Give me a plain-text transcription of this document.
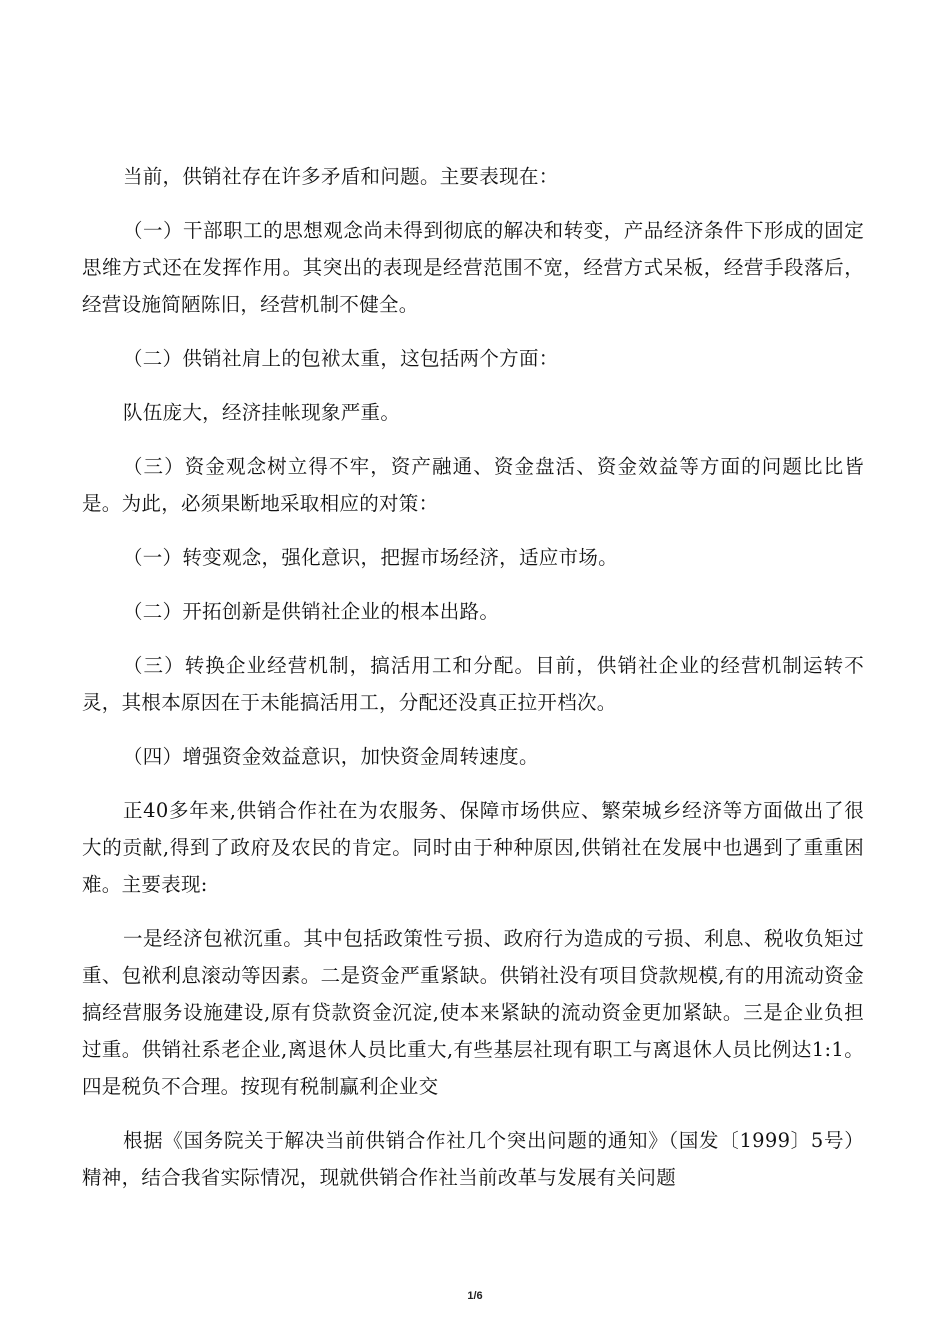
当前，供销社存在许多矛盾和问题。主要表现在：

（一）干部职工的思想观念尚未得到彻底的解决和转变，产品经济条件下形成的固定思维方式还在发挥作用。其突出的表现是经营范围不宽，经营方式呆板，经营手段落后，经营设施简陋陈旧，经营机制不健全。

（二）供销社肩上的包袱太重，这包括两个方面：

队伍庞大，经济挂帐现象严重。

（三）资金观念树立得不牢，资产融通、资金盘活、资金效益等方面的问题比比皆是。为此，必须果断地采取相应的对策：

（一）转变观念，强化意识，把握市场经济，适应市场。

（二）开拓创新是供销社企业的根本出路。

（三）转换企业经营机制，搞活用工和分配。目前，供销社企业的经营机制运转不灵，其根本原因在于未能搞活用工，分配还没真正拉开档次。

（四）增强资金效益意识，加快资金周转速度。

正40多年来,供销合作社在为农服务、保障市场供应、繁荣城乡经济等方面做出了很大的贡献,得到了政府及农民的肯定。同时由于种种原因,供销社在发展中也遇到了重重困难。主要表现:

一是经济包袱沉重。其中包括政策性亏损、政府行为造成的亏损、利息、税收负矩过重、包袱利息滚动等因素。二是资金严重紧缺。供销社没有项目贷款规模,有的用流动资金搞经营服务设施建设,原有贷款资金沉淀,使本来紧缺的流动资金更加紧缺。三是企业负担过重。供销社系老企业,离退休人员比重大,有些基层社现有职工与离退休人员比例达1:1。四是税负不合理。按现有税制赢利企业交

根据《国务院关于解决当前供销合作社几个突出问题的通知》（国发〔1999〕5号）精神，结合我省实际情况，现就供销合作社当前改革与发展有关问题

1/6
